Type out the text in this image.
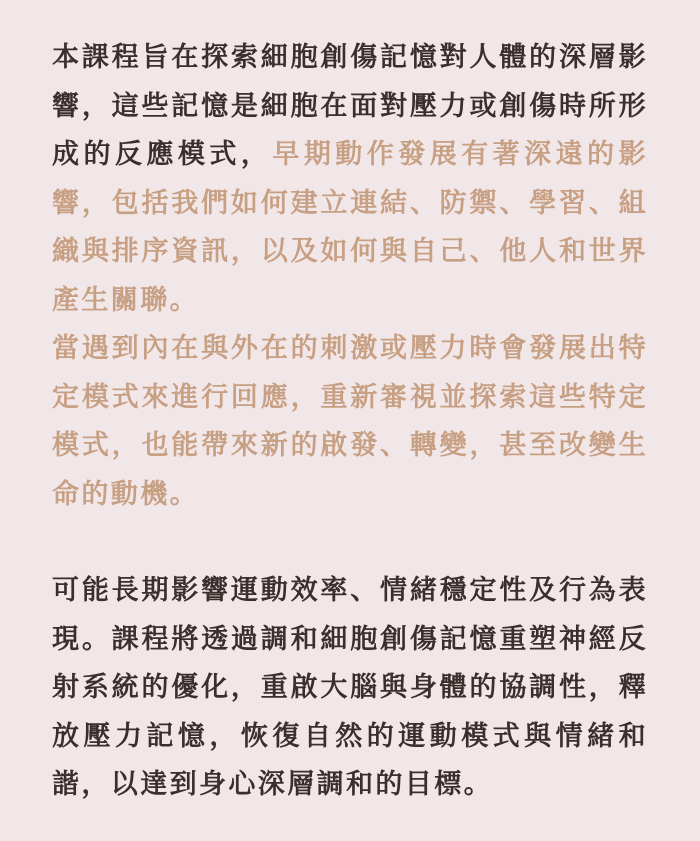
本課程旨在探索細胞創傷記憶對人體的深層影響，這些記憶是細胞在面對壓力或創傷時所形成的反應模式，早期動作發展有著深遠的影響，包括我們如何建立連結、防禦、學習、組織與排序資訊，以及如何與自己、他人和世界產生關聯。

當遇到內在與外在的刺激或壓力時會發展出特定模式來進行回應，重新審視並探索這些特定模式，也能帶來新的啟發、轉變，甚至改變生命的動機。

可能長期影響運動效率、情緒穩定性及行為表現。課程將透過調和細胞創傷記憶重塑神經反射系統的優化，重啟大腦與身體的協調性，釋放壓力記憶，恢復自然的運動模式與情緒和諧，以達到身心深層調和的目標。
